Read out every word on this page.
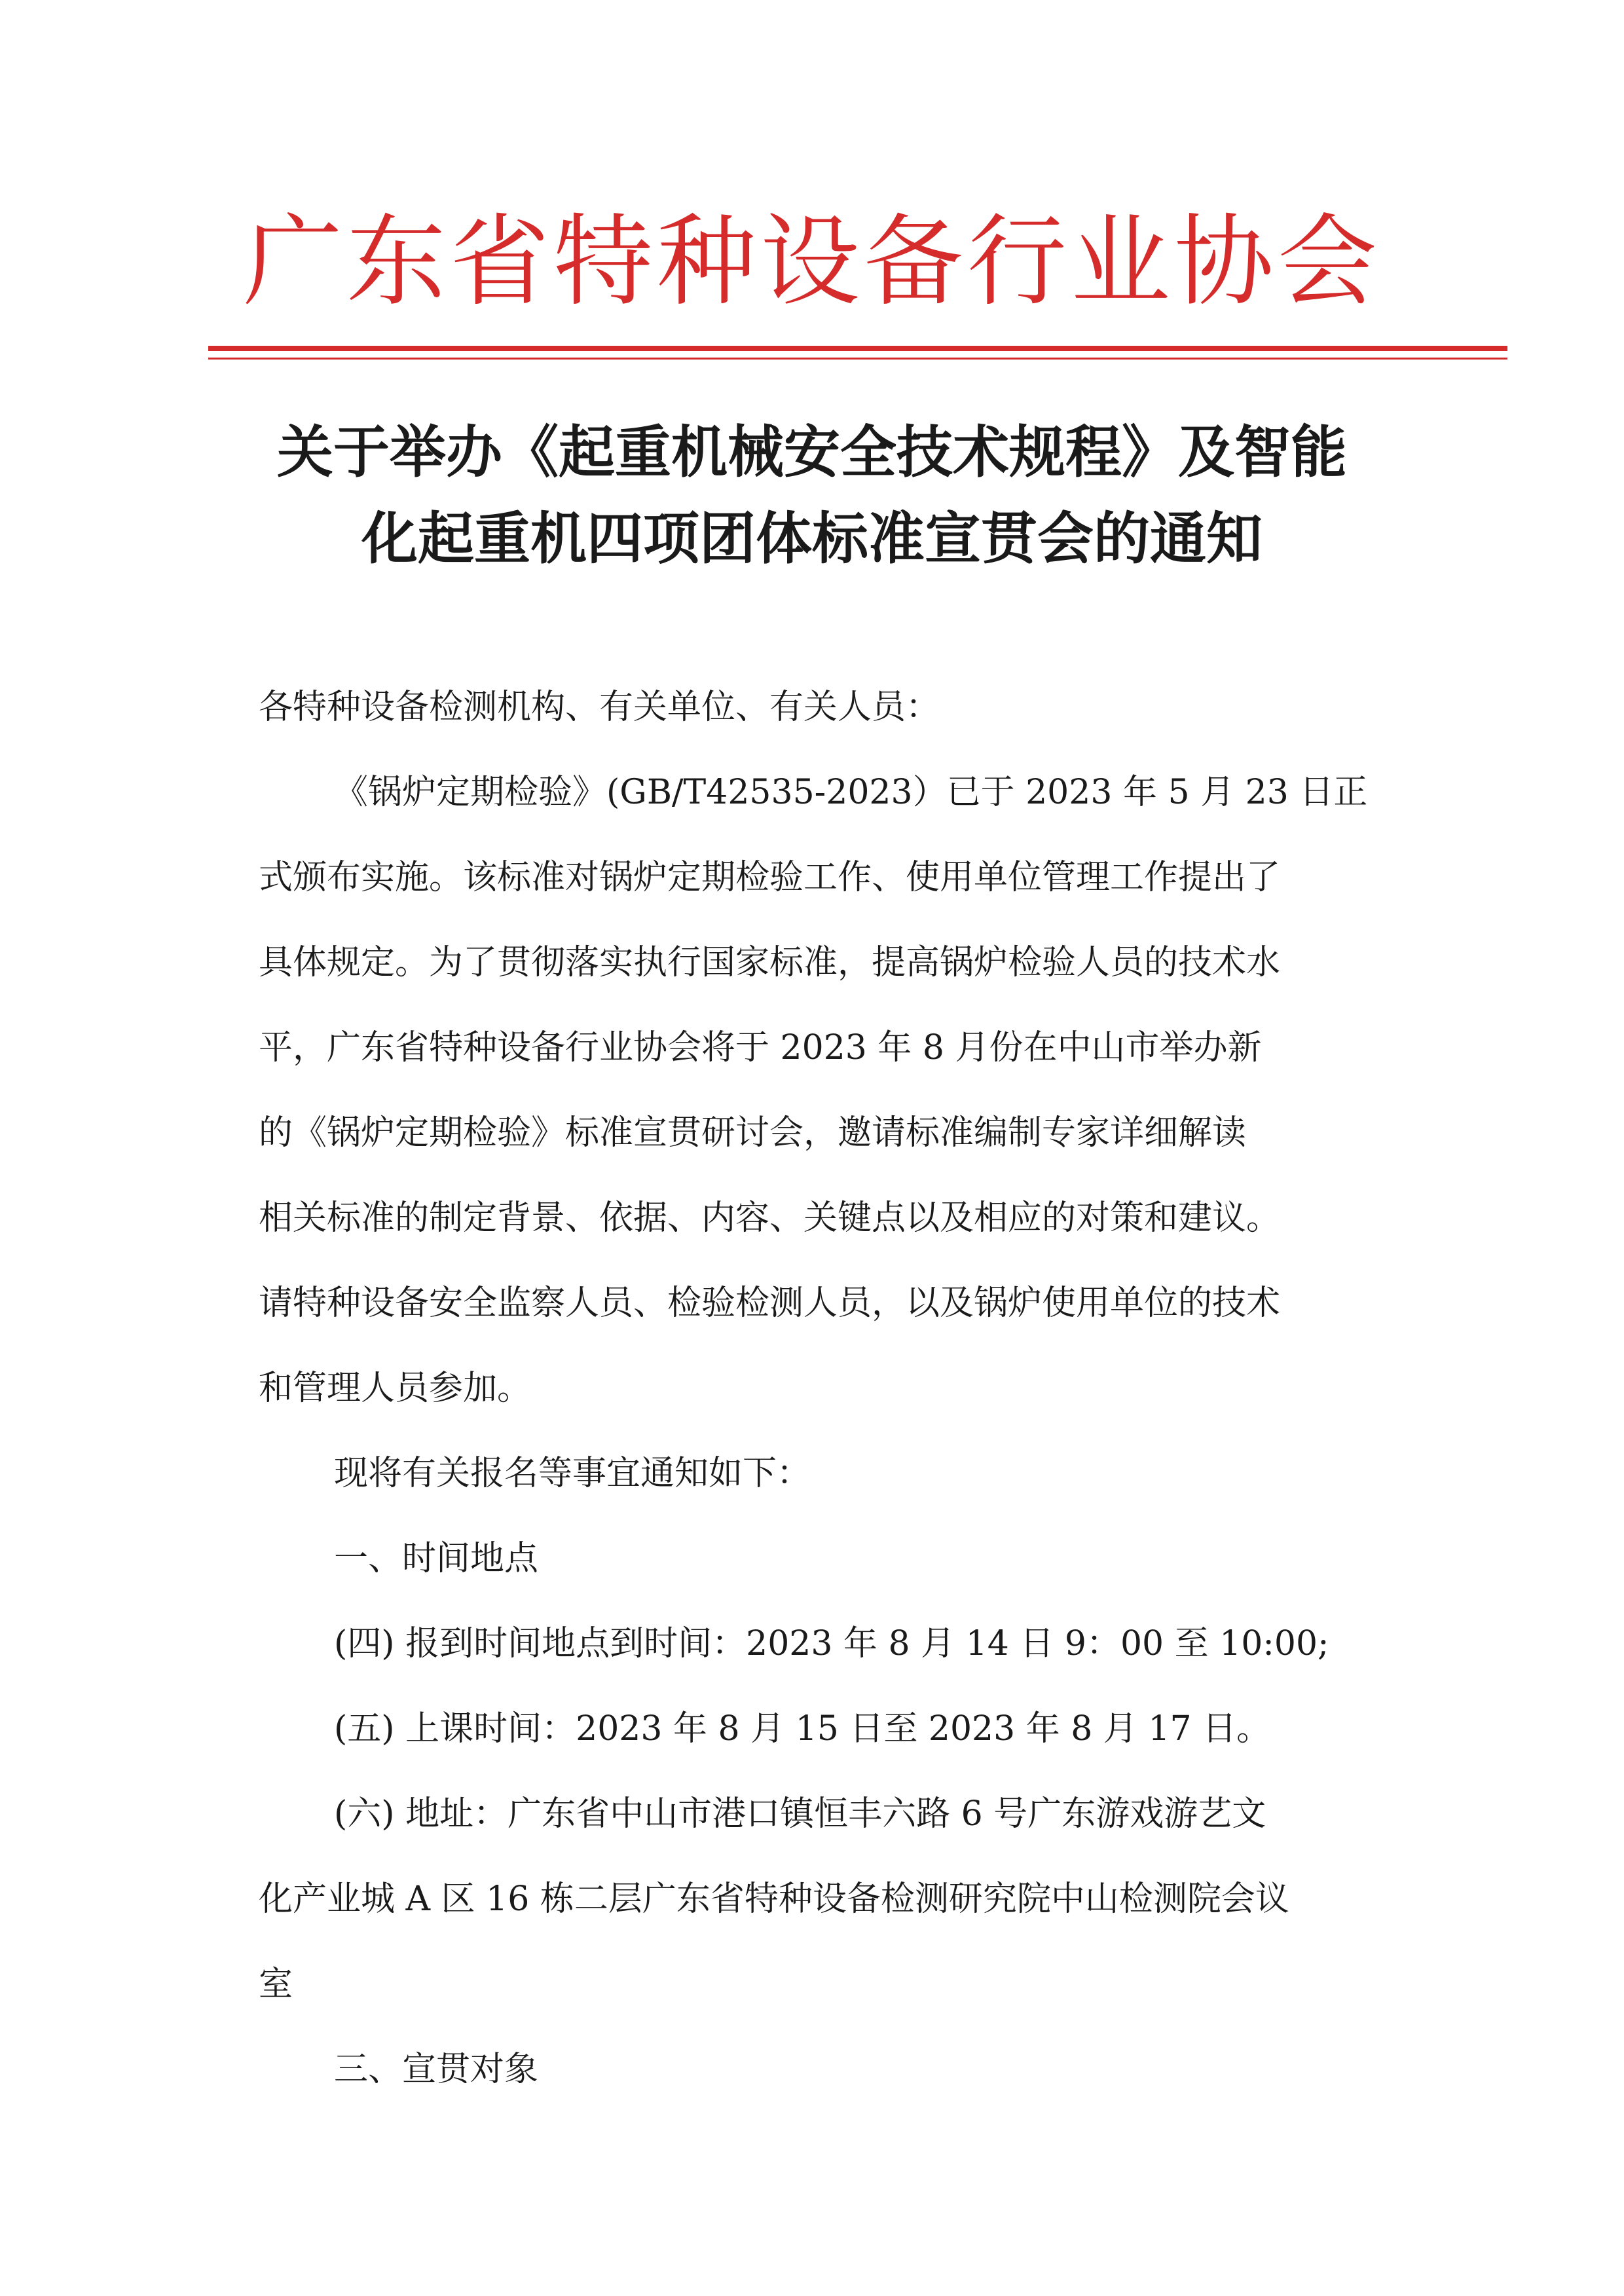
广东省特种设备行业协会
关于举办《起重机械安全技术规程》及智能
化起重机四项团体标准宣贯会的通知
各特种设备检测机构、有关单位、有关人员：
《锅炉定期检验》(GB/T42535-2023）已于 2023 年 5 月 23 日正
式颁布实施。该标准对锅炉定期检验工作、使用单位管理工作提出了
具体规定。为了贯彻落实执行国家标准，提高锅炉检验人员的技术水
平，广东省特种设备行业协会将于 2023 年 8 月份在中山市举办新
的《锅炉定期检验》标准宣贯研讨会，邀请标准编制专家详细解读
相关标准的制定背景、依据、内容、关键点以及相应的对策和建议。
请特种设备安全监察人员、检验检测人员，以及锅炉使用单位的技术
和管理人员参加。
现将有关报名等事宜通知如下：
一、时间地点
(四) 报到时间地点到时间：2023 年 8 月 14 日 9：00 至 10:00;
(五) 上课时间：2023 年 8 月 15 日至 2023 年 8 月 17 日。
(六) 地址：广东省中山市港口镇恒丰六路 6 号广东游戏游艺文
化产业城 A 区 16 栋二层广东省特种设备检测研究院中山检测院会议
室
三、宣贯对象
